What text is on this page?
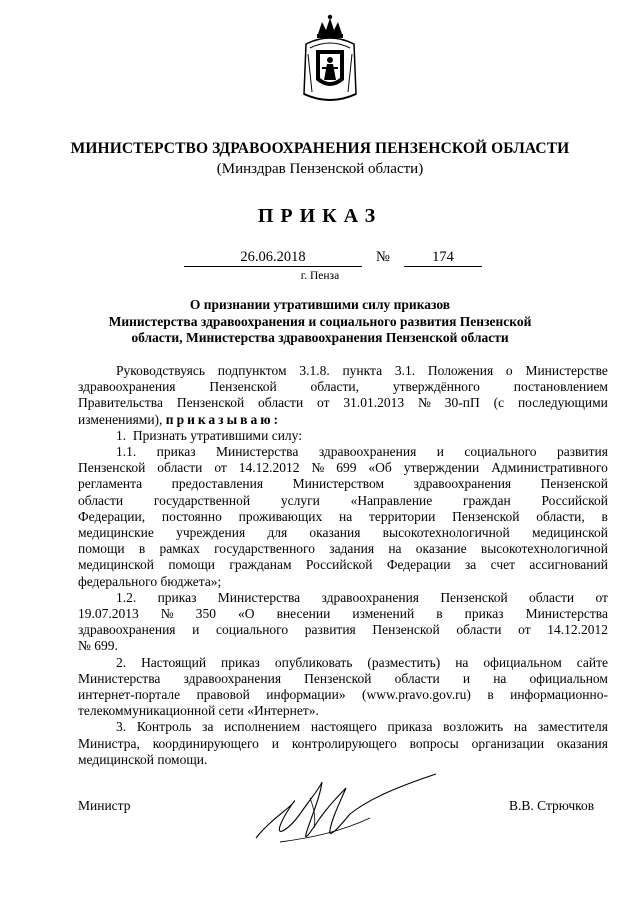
МИНИСТЕРСТВО ЗДРАВООХРАНЕНИЯ ПЕНЗЕНСКОЙ ОБЛАСТИ
(Минздрав Пензенской области)
ПРИКАЗ
26.06.2018	№	174
г. Пенза
О признании утратившими силу приказов
Министерства здравоохранения и социального развития Пензенской
области, Министерства здравоохранения Пензенской области
Руководствуясь подпунктом 3.1.8. пункта 3.1. Положения о Министерстве
здравоохранения	Пензенской	области,	утверждённого	постановлением
Правительства Пензенской области от 31.01.2013 № 30-пП (с последующими
изменениями), приказываю:
1.  Признать утратившими силу:
1.1. приказ Министерства здравоохранения и социального развития
Пензенской области от 14.12.2012 № 699 «Об утверждении Административного
регламента предоставления Министерством здравоохранения Пензенской
области государственной услуги «Направление граждан Российской
Федерации, постоянно проживающих на территории Пензенской области, в
медицинские учреждения для оказания высокотехнологичной медицинской
помощи в рамках государственного задания на оказание высокотехнологичной
медицинской помощи гражданам Российской Федерации за счет ассигнований
федерального бюджета»;
1.2. приказ Министерства здравоохранения Пензенской области от
19.07.2013 № 350 «О внесении изменений в приказ Министерства
здравоохранения и социального развития Пензенской области от 14.12.2012
№ 699.
2. Настоящий приказ опубликовать (разместить) на официальном сайте
Министерства здравоохранения Пензенской области и на официальном
интернет-портале правовой информации» (www.pravo.gov.ru) в информационно-
телекоммуникационной сети «Интернет».
3. Контроль за исполнением настоящего приказа возложить на заместителя
Министра, координирующего и контролирующего вопросы организации оказания
медицинской помощи.
Министр	В.В. Стрючков
